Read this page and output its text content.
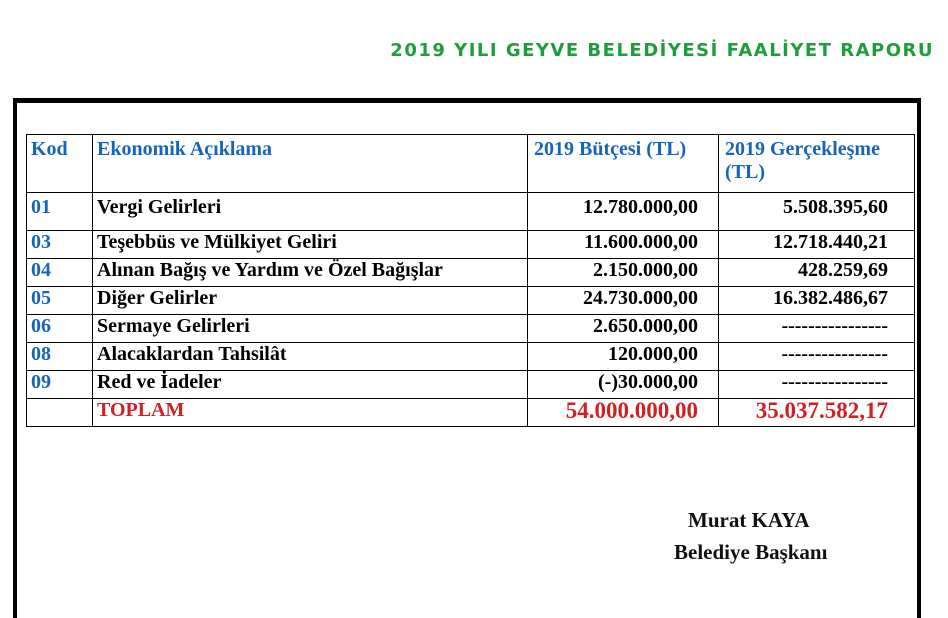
2019 YILI GEYVE BELEDİYESİ FAALİYET RAPORU
Kod	Ekonomik Açıklama	2019 Bütçesi (TL)	2019 Gerçekleşme (TL)
01	Vergi Gelirleri	12.780.000,00	5.508.395,60
03	Teşebbüs ve Mülkiyet Geliri	11.600.000,00	12.718.440,21
04	Alınan Bağış ve Yardım ve Özel Bağışlar	2.150.000,00	428.259,69
05	Diğer Gelirler	24.730.000,00	16.382.486,67
06	Sermaye Gelirleri	2.650.000,00	----------------
08	Alacaklardan Tahsilât	120.000,00	----------------
09	Red ve İadeler	(-)30.000,00	----------------
	TOPLAM	54.000.000,00	35.037.582,17
Murat KAYA
Belediye Başkanı
